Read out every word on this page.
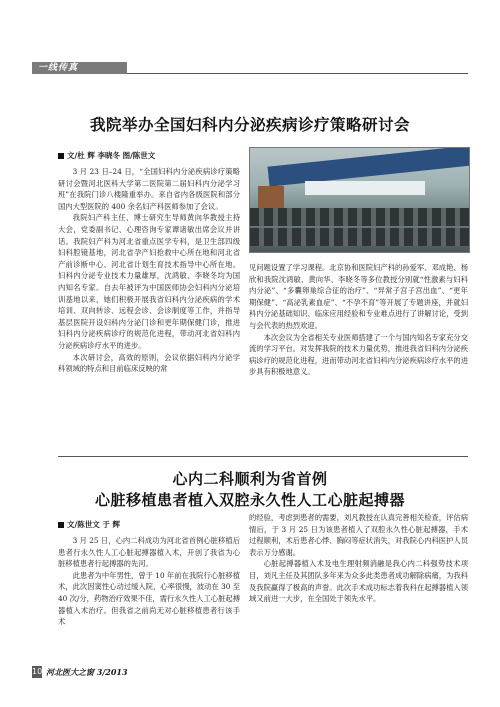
一线传真
我院举办全国妇科内分泌疾病诊疗策略研讨会
文/杜 辉 李晓冬 图/陈世文

3 月 23 日–24 日，“全国妇科内分泌疾病诊疗策略研讨会暨河北医科大学第二医院第二届妇科内分泌学习班”在我院门诊八楼隆重举办。来自省内各级医院和部分国内大型医院的 400 余名妇产科医师参加了会议。

我院妇产科主任、博士研究生导师黄向华教授主持大会，党委副书记、心理咨询专家谭诸敏出席会议并讲话。我院妇产科为河北省重点医学专科，是卫生部四级妇科腔镜基地，河北省孕产妇抢救中心所在地和河北省产前诊断中心、河北省计划生育技术指导中心所在地。妇科内分泌专业技术力量雄厚，沈鸿敏、李晓冬均为国内知名专家。自去年被评为中国医师协会妇科内分泌培训基地以来，她们积极开展我省妇科内分泌疾病的学术培训、双向转诊、远程会诊、会诊制度等工作，并指导基层医院开设妇科内分泌门诊和更年期保健门诊，推进妇科内分泌疾病诊疗的规范化进程，带动河北省妇科内分泌疾病诊疗水平的进步。

本次研讨会，高效的原则，会议依据妇科内分泌学科领域的特点和目前临床反映的常

见问题设置了学习课程。北京协和医院妇产科的孙爱军、邓成艳、杨欣和我院沈鸿敏、黄向华、李晓冬等多位教授分别就“性激素与妇科内分泌”、“多囊卵巢综合征的治疗”、“异常子宫子宫出血”、“更年期保健”、“高泌乳素血症”、“不孕不育”等开展了专题讲座，并就妇科内分泌基础知识、临床应用经验和专业难点进行了讲解讨论，受到与会代表的热烈欢迎。

本次会议为全省相关专业医师搭建了一个与国内知名专家充分交流的学习平台。对发挥我院的技术力量优势，推进我省妇科内分泌疾病诊疗的规范化进程，进而带动河北省妇科内分泌疾病诊疗水平的进步具有积极地意义。

心内二科顺利为省首例
心脏移植患者植入双腔永久性人工心脏起搏器
文/陈世文 于 辉

3 月 25 日，心内二科成功为河北省首例心脏移植后患者行永久性人工心脏起搏器植入术，开创了我省为心脏移植患者行起搏器的先河。

此患者为中年男性，曾于 10 年前在我院行心脏移植术，此次因窦性心动过缓入院，心率很慢，波动在 30 至 40 次/分，药物治疗效果不佳，需行永久性人工心脏起搏器植入术治疗。但我省之前尚无对心脏移植患者行该手术

的经验，考虑到患者的需要，刘凡教授在认真完善相关检查，评估病情后，于 3 月 25 日为该患者植入了双腔永久性心脏起搏器，手术过程顺利，术后患者心悸、胸闷等症状消失，对我院心内科医护人员表示万分感谢。

心脏起搏器植入术及电生理射频消融是我心内二科强势技术项目，刘凡主任及其团队多年来为众多此类患者成功解除病痛，为我科及我院赢得了极高的声誉。此次手术成功标志着我科在起搏器植入领域又前进一大步，在全国处于领先水平。

10 河北医大之窗 3/2013
